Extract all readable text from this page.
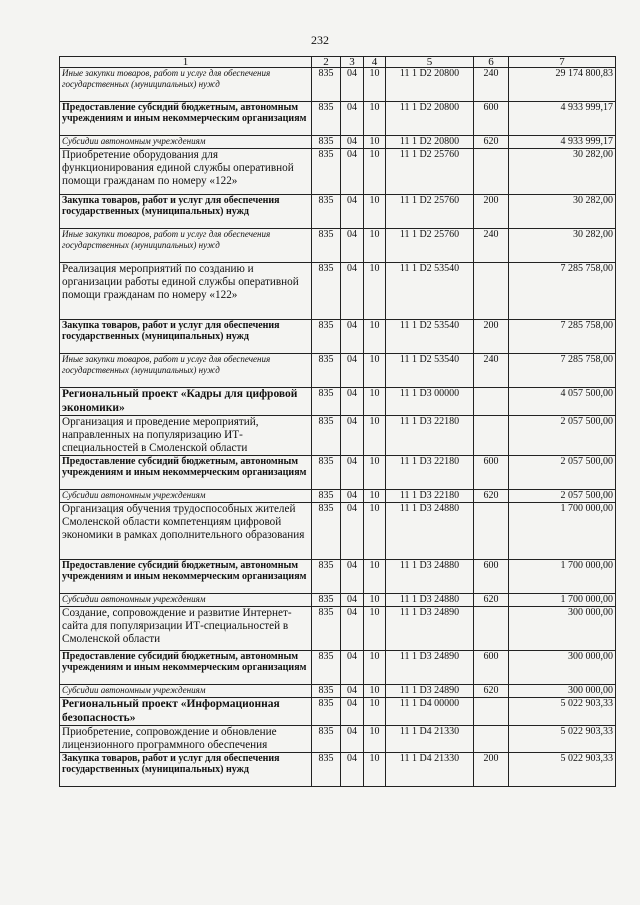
232
1	2	3	4	5	6	7
Иные закупки товаров, работ и услуг для обеспечения государственных (муниципальных) нужд	835	04	10	11 1 D2 20800	240	29 174 800,83
Предоставление субсидий бюджетным, автономным учреждениям и иным некоммерческим организациям	835	04	10	11 1 D2 20800	600	4 933 999,17
Субсидии автономным учреждениям	835	04	10	11 1 D2 20800	620	4 933 999,17
Приобретение оборудования для функционирования единой службы оперативной помощи гражданам по номеру «122»	835	04	10	11 1 D2 25760		30 282,00
Закупка товаров, работ и услуг для обеспечения государственных (муниципальных) нужд	835	04	10	11 1 D2 25760	200	30 282,00
Иные закупки товаров, работ и услуг для обеспечения государственных (муниципальных) нужд	835	04	10	11 1 D2 25760	240	30 282,00
Реализация мероприятий по созданию и организации работы единой службы оперативной помощи гражданам по номеру «122»	835	04	10	11 1 D2 53540		7 285 758,00
Закупка товаров, работ и услуг для обеспечения государственных (муниципальных) нужд	835	04	10	11 1 D2 53540	200	7 285 758,00
Иные закупки товаров, работ и услуг для обеспечения государственных (муниципальных) нужд	835	04	10	11 1 D2 53540	240	7 285 758,00
Региональный проект «Кадры для цифровой экономики»	835	04	10	11 1 D3 00000		4 057 500,00
Организация и проведение мероприятий, направленных на популяризацию ИТ-специальностей в Смоленской области	835	04	10	11 1 D3 22180		2 057 500,00
Предоставление субсидий бюджетным, автономным учреждениям и иным некоммерческим организациям	835	04	10	11 1 D3 22180	600	2 057 500,00
Субсидии автономным учреждениям	835	04	10	11 1 D3 22180	620	2 057 500,00
Организация обучения трудоспособных жителей Смоленской области компетенциям цифровой экономики в рамках дополнительного образования	835	04	10	11 1 D3 24880		1 700 000,00
Предоставление субсидий бюджетным, автономным учреждениям и иным некоммерческим организациям	835	04	10	11 1 D3 24880	600	1 700 000,00
Субсидии автономным учреждениям	835	04	10	11 1 D3 24880	620	1 700 000,00
Создание, сопровождение и развитие Интернет-сайта для популяризации ИТ-специальностей в Смоленской области	835	04	10	11 1 D3 24890		300 000,00
Предоставление субсидий бюджетным, автономным учреждениям и иным некоммерческим организациям	835	04	10	11 1 D3 24890	600	300 000,00
Субсидии автономным учреждениям	835	04	10	11 1 D3 24890	620	300 000,00
Региональный проект «Информационная безопасность»	835	04	10	11 1 D4 00000		5 022 903,33
Приобретение, сопровождение и обновление лицензионного программного обеспечения	835	04	10	11 1 D4 21330		5 022 903,33
Закупка товаров, работ и услуг для обеспечения государственных (муниципальных) нужд	835	04	10	11 1 D4 21330	200	5 022 903,33
